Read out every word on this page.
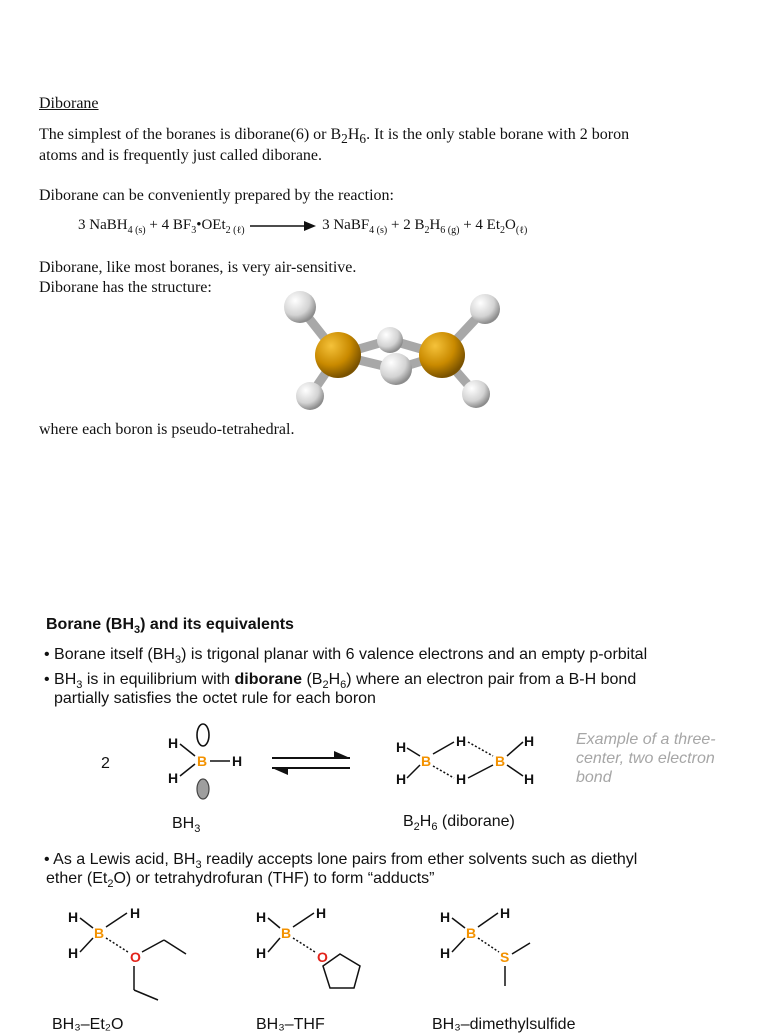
Diborane
The simplest of the boranes is diborane(6) or $B_2H_6$. It is the only stable borane with 2 boron
atoms and is frequently just called diborane.
Diborane can be conveniently prepared by the reaction:
3 NaBH$_{4 (s)}$ + 4 $BF_3•OEt_{2 (\ell)}$	3 NaBF$_{4 (s)}$ + 2 $B_2H_{6 (g)} + 4$ $Et_2O_{(\ell)}$
Diborane, like most boranes, is very air-sensitive.
Diborane has the structure:
where each boron is pseudo-tetrahedral.
Borane $(BH_3)$ and its equivalents
• Borane itself $(BH_3)$ is trigonal planar with 6 valence electrons and an empty p-orbital
• $BH_3$ is in equilibrium with diborane $(B_2H_6)$ where an electron pair from a B-H bond
partially satisfies the octet rule for each boron
2
H
H
B H
H
H
B
H
H
B
H
H
Example of a three-center, two electron bond
$BH_3$	$B_2H_6$ (diborane)
• As a Lewis acid, $BH_3$ readily accepts lone pairs from ether solvents such as diethyl
ether $(Et_2O)$ or tetrahydrofuran (THF) to form “adducts”
H
H
B
H
O
H
H
B
H
O
H
H
B
H
S
BH₃–Et₂O	BH₃–THF	BH₃–dimethylsulfide
